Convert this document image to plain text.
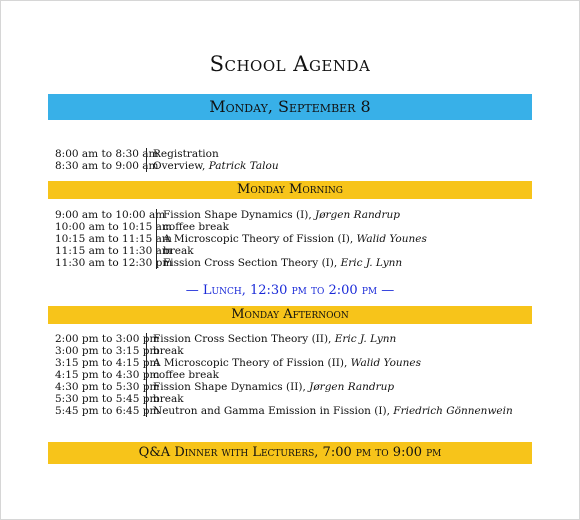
School Agenda
Monday, September 8
8:00 am to 8:30 am
Registration
8:30 am to 9:00 am
Overview, Patrick Talou
Monday Morning
9:00 am to 10:00 am
Fission Shape Dynamics (I), Jørgen Randrup
10:00 am to 10:15 am
coffee break
10:15 am to 11:15 am
A Microscopic Theory of Fission (I), Walid Younes
11:15 am to 11:30 am
break
11:30 am to 12:30 pm
Fission Cross Section Theory (I), Eric J. Lynn
— Lunch, 12:30 pm to 2:00 pm —
Monday Afternoon
2:00 pm to 3:00 pm
Fission Cross Section Theory (II), Eric J. Lynn
3:00 pm to 3:15 pm
break
3:15 pm to 4:15 pm
A Microscopic Theory of Fission (II), Walid Younes
4:15 pm to 4:30 pm
coffee break
4:30 pm to 5:30 pm
Fission Shape Dynamics (II), Jørgen Randrup
5:30 pm to 5:45 pm
break
5:45 pm to 6:45 pm
Neutron and Gamma Emission in Fission (I), Friedrich Gönnenwein
Q&A Dinner with Lecturers, 7:00 pm to 9:00 pm
